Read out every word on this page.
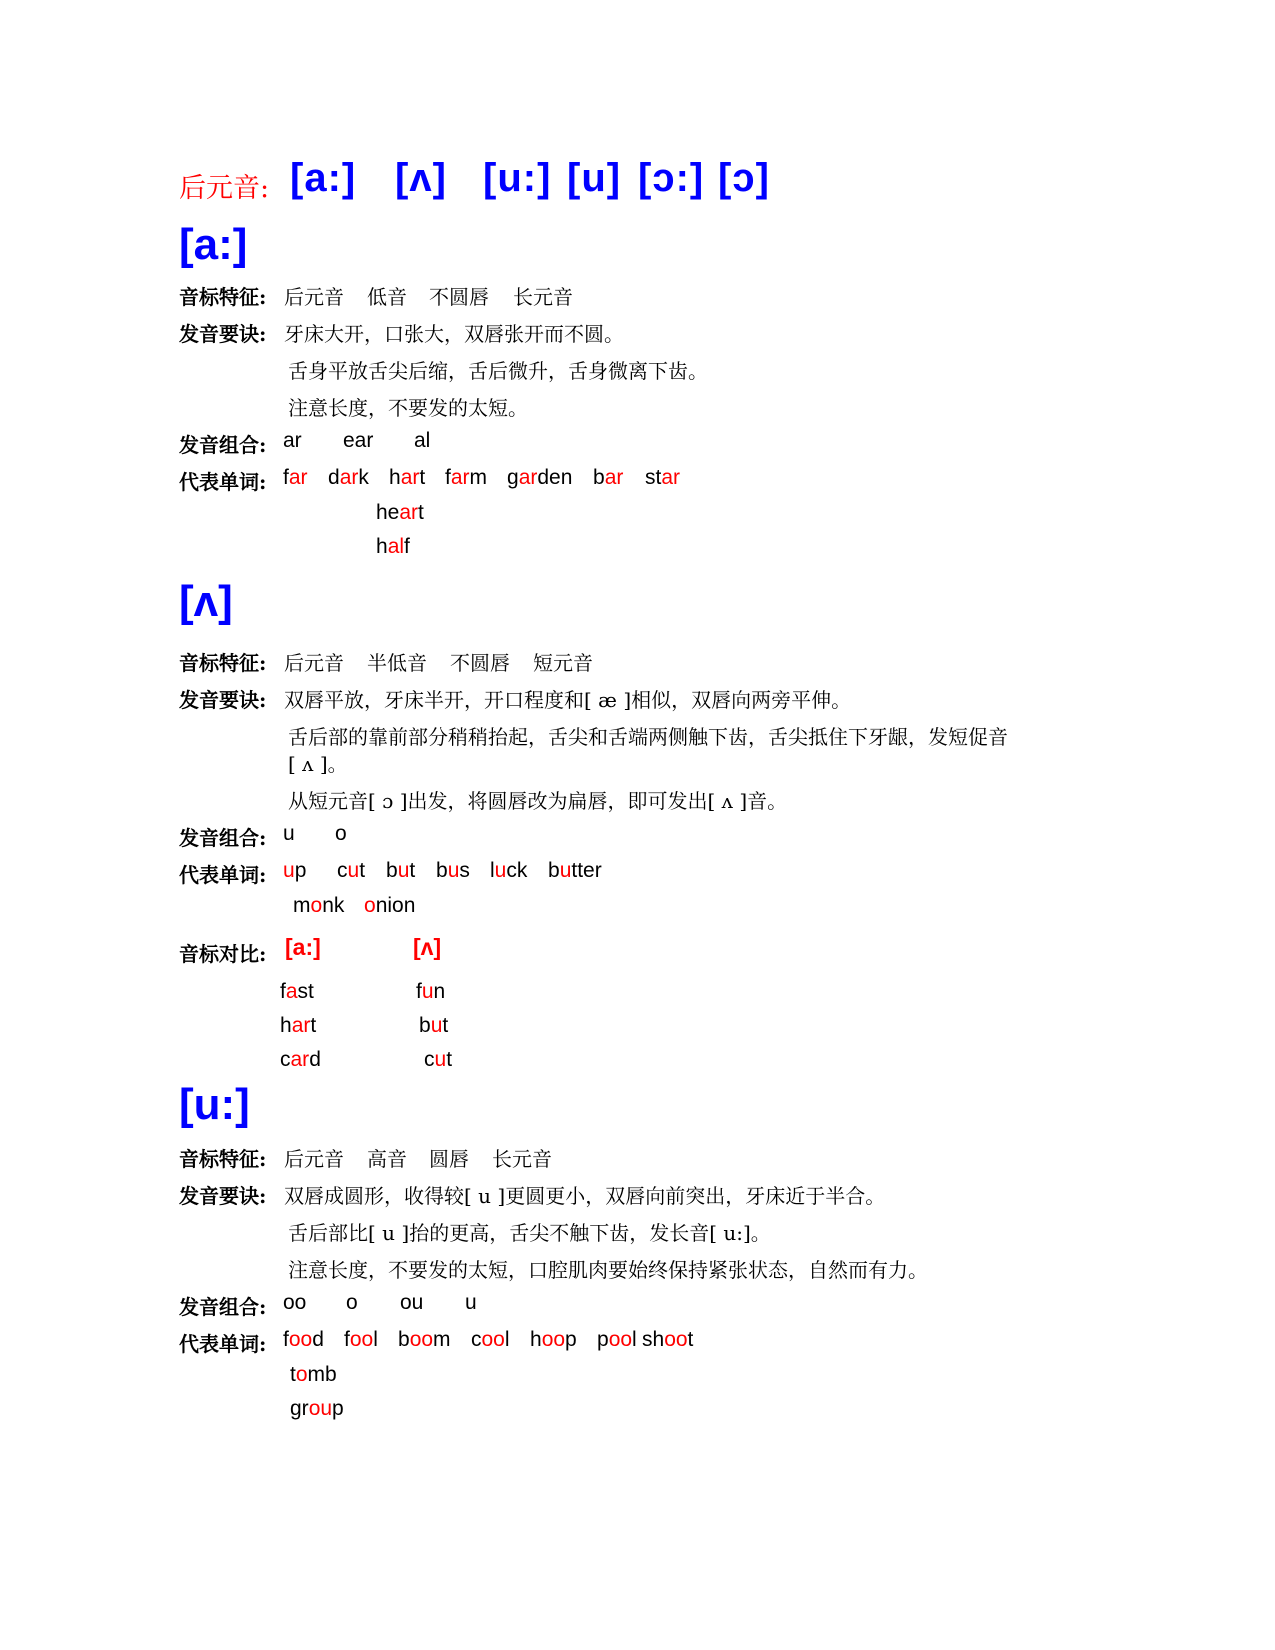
后元音: [a:] [ʌ] [u:] [u] [ɔ:] [ɔ]
[a:]
音标特征: 后元音 低音 不圆唇 长元音
发音要诀: 牙床大开，口张大，双唇张开而不圆。
舌身平放舌尖后缩，舌后微升，舌身微离下齿。
注意长度，不要发的太短。
发音组合: ar ear al
代表单词: far dark hart farm garden bar star
heart
half
[ʌ]
音标特征: 后元音 半低音 不圆唇 短元音
发音要诀: 双唇平放，牙床半开，开口程度和[ æ ]相似，双唇向两旁平伸。
舌后部的靠前部分稍稍抬起，舌尖和舌端两侧触下齿，舌尖抵住下牙龈，发短促音
[ ʌ ]。
从短元音[ ɔ ]出发，将圆唇改为扁唇，即可发出[ ʌ ]音。
发音组合: u o
代表单词: up cut but bus luck butter
monk onion
音标对比: [a:]	[ʌ]
fast
hart
card
fun
but
cut
[u:]
音标特征: 后元音 高音 圆唇 长元音
发音要诀: 双唇成圆形，收得较[ u ]更圆更小，双唇向前突出，牙床近于半合。
舌后部比[ u ]抬的更高，舌尖不触下齿，发长音[ u:]。
注意长度，不要发的太短，口腔肌肉要始终保持紧张状态，自然而有力。
发音组合: oo o ou u
代表单词: food fool boom cool hoop pool shoot
tomb
group
